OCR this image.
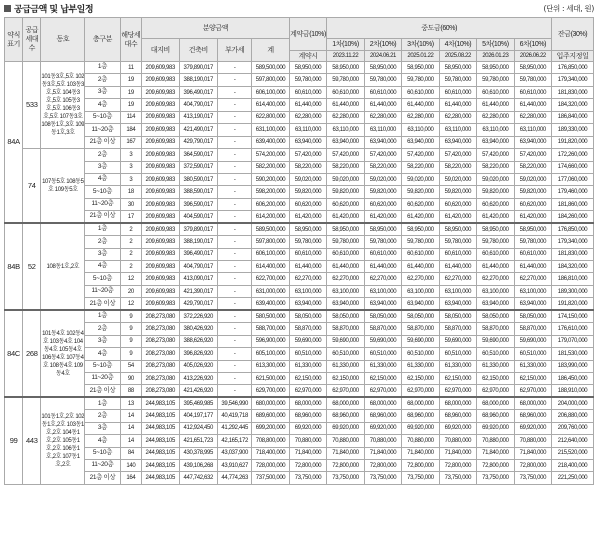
공급금액 및 납부일정	(단위 : 세대, 원)
약식표기	공급세대수	동호	층구분	해당세대수	분양금액				계약금(10%)	중도금(60%)						잔금(30%)
					대지비	건축비	부가세	계		1차(10%)	2차(10%)	3차(10%)	4차(10%)	5차(10%)	6차(10%)	
									계약시	2023.11.22	2024.06.21	2025.01.22	2025.08.22	2026.01.23	2026.06.22	입주지정일
84A	533	101동3호,5호 102동3호,5호 103동3호,5호 104동3호,5호 105동3호,5호 106동3호,5호 107동3호 108동1호,3호 109동1호,3호	1층	11	209,609,983	379,890,017	-	589,500,000	58,950,000	58,950,000	58,950,000	58,950,000	58,950,000	58,950,000	58,950,000	176,850,000
			2층	19	209,609,983	388,190,017	-	597,800,000	59,780,000	59,780,000	59,780,000	59,780,000	59,780,000	59,780,000	59,780,000	179,340,000
			3층	19	209,609,983	396,490,017	-	606,100,000	60,610,000	60,610,000	60,610,000	60,610,000	60,610,000	60,610,000	60,610,000	181,830,000
			4층	19	209,609,983	404,790,017	-	614,400,000	61,440,000	61,440,000	61,440,000	61,440,000	61,440,000	61,440,000	61,440,000	184,320,000
			5~10층	114	209,609,983	413,190,017	-	622,800,000	62,280,000	62,280,000	62,280,000	62,280,000	62,280,000	62,280,000	62,280,000	186,840,000
			11~20층	184	209,609,983	421,490,017	-	631,100,000	63,110,000	63,110,000	63,110,000	63,110,000	63,110,000	63,110,000	63,110,000	189,330,000
			21층 이상	167	209,609,983	429,790,017	-	639,400,000	63,940,000	63,940,000	63,940,000	63,940,000	63,940,000	63,940,000	63,940,000	191,820,000
	74	107동5호 108동5호 109동5호	2층	3	209,609,983	364,590,017	-	574,200,000	57,420,000	57,420,000	57,420,000	57,420,000	57,420,000	57,420,000	57,420,000	172,260,000
			3층	3	209,609,983	372,590,017	-	582,200,000	58,220,000	58,220,000	58,220,000	58,220,000	58,220,000	58,220,000	58,220,000	174,660,000
			4층	3	209,609,983	380,590,017	-	590,200,000	59,020,000	59,020,000	59,020,000	59,020,000	59,020,000	59,020,000	59,020,000	177,060,000
			5~10층	18	209,609,983	388,590,017	-	598,200,000	59,820,000	59,820,000	59,820,000	59,820,000	59,820,000	59,820,000	59,820,000	179,460,000
			11~20층	30	209,609,983	396,590,017	-	606,200,000	60,620,000	60,620,000	60,620,000	60,620,000	60,620,000	60,620,000	60,620,000	181,860,000
			21층 이상	17	209,609,983	404,590,017	-	614,200,000	61,420,000	61,420,000	61,420,000	61,420,000	61,420,000	61,420,000	61,420,000	184,260,000
84B	52	108동1호,2호	1층	2	209,609,983	379,890,017	-	589,500,000	58,950,000	58,950,000	58,950,000	58,950,000	58,950,000	58,950,000	58,950,000	176,850,000
			2층	2	209,609,983	388,190,017	-	597,800,000	59,780,000	59,780,000	59,780,000	59,780,000	59,780,000	59,780,000	59,780,000	179,340,000
			3층	2	209,609,983	396,490,017	-	606,100,000	60,610,000	60,610,000	60,610,000	60,610,000	60,610,000	60,610,000	60,610,000	181,830,000
			4층	2	209,609,983	404,790,017	-	614,400,000	61,440,000	61,440,000	61,440,000	61,440,000	61,440,000	61,440,000	61,440,000	184,320,000
			5~10층	12	209,609,983	413,090,017	-	622,700,000	62,270,000	62,270,000	62,270,000	62,270,000	62,270,000	62,270,000	62,270,000	186,810,000
			11~20층	20	209,609,983	421,390,017	-	631,000,000	63,100,000	63,100,000	63,100,000	63,100,000	63,100,000	63,100,000	63,100,000	189,300,000
			21층 이상	12	209,609,983	429,790,017	-	639,400,000	63,940,000	63,940,000	63,940,000	63,940,000	63,940,000	63,940,000	63,940,000	191,820,000
84C	268	101동4호 102동4호 103동4호 104동4호 105동4호 106동4호 107동4호 108동4호 109동4호	1층	9	208,273,080	372,226,920	-	580,500,000	58,050,000	58,050,000	58,050,000	58,050,000	58,050,000	58,050,000	58,050,000	174,150,000
			2층	9	208,273,080	380,426,920	-	588,700,000	58,870,000	58,870,000	58,870,000	58,870,000	58,870,000	58,870,000	58,870,000	176,610,000
			3층	9	208,273,080	388,626,920	-	596,900,000	59,690,000	59,690,000	59,690,000	59,690,000	59,690,000	59,690,000	59,690,000	179,070,000
			4층	9	208,273,080	396,826,920	-	605,100,000	60,510,000	60,510,000	60,510,000	60,510,000	60,510,000	60,510,000	60,510,000	181,530,000
			5~10층	54	208,273,080	405,026,920	-	613,300,000	61,330,000	61,330,000	61,330,000	61,330,000	61,330,000	61,330,000	61,330,000	183,990,000
			11~20층	90	208,273,080	413,226,920	-	621,500,000	62,150,000	62,150,000	62,150,000	62,150,000	62,150,000	62,150,000	62,150,000	186,450,000
			21층 이상	88	208,273,080	421,426,920	-	629,700,000	62,970,000	62,970,000	62,970,000	62,970,000	62,970,000	62,970,000	62,970,000	188,910,000
99	443	101동1호,2호 102동1호,2호 103동1호,2호 104동1호,2호 105동1호,2호 106동1호,2호 107동1호,2호	1층	13	244,983,105	395,469,985	39,546,990	680,000,000	68,000,000	68,000,000	68,000,000	68,000,000	68,000,000	68,000,000	68,000,000	204,000,000
			2층	14	244,983,105	404,197,177	40,419,718	689,600,000	68,960,000	68,960,000	68,960,000	68,960,000	68,960,000	68,960,000	68,960,000	206,880,000
			3층	14	244,983,105	412,924,450	41,292,445	699,200,000	69,920,000	69,920,000	69,920,000	69,920,000	69,920,000	69,920,000	69,920,000	209,760,000
			4층	14	244,983,105	421,651,723	42,165,172	708,800,000	70,880,000	70,880,000	70,880,000	70,880,000	70,880,000	70,880,000	70,880,000	212,640,000
			5~10층	84	244,983,105	430,378,995	43,037,900	718,400,000	71,840,000	71,840,000	71,840,000	71,840,000	71,840,000	71,840,000	71,840,000	215,520,000
			11~20층	140	244,983,105	439,106,268	43,910,627	728,000,000	72,800,000	72,800,000	72,800,000	72,800,000	72,800,000	72,800,000	72,800,000	218,400,000
			21층 이상	164	244,983,105	447,742,632	44,774,263	737,500,000	73,750,000	73,750,000	73,750,000	73,750,000	73,750,000	73,750,000	73,750,000	221,250,000
